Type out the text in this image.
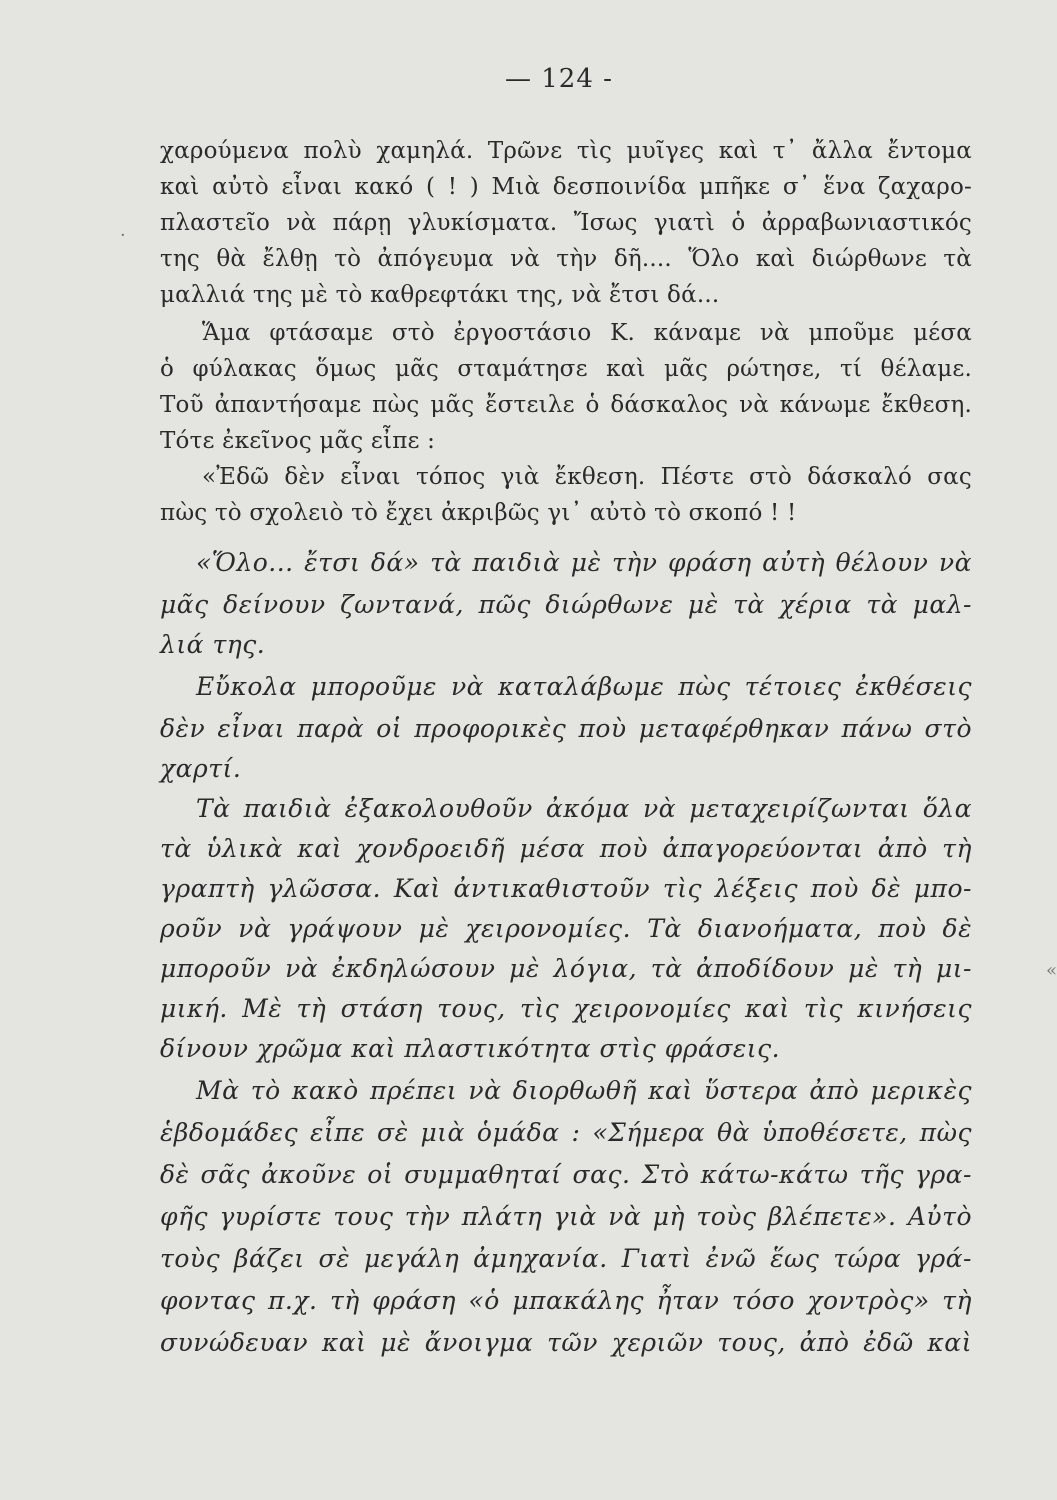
— 124 -
χαρούμενα πολὺ χαμηλά. Τρῶνε τὶς μυῖγες καὶ τ᾽ ἄλλα ἔντομα
καὶ αὐτὸ εἶναι κακό ( ! ) Μιὰ δεσποινίδα μπῆκε σ᾽ ἕνα ζαχαρο-
πλαστεῖο νὰ πάρῃ γλυκίσματα. Ἴσως γιατὶ ὁ ἀρραβωνιαστικός
της θὰ ἔλθῃ τὸ ἀπόγευμα νὰ τὴν δῆ.... Ὅλο καὶ διώρθωνε τὰ
μαλλιά της μὲ τὸ καθρεφτάκι της, νὰ ἔτσι δά...
Ἅμα φτάσαμε στὸ ἐργοστάσιο Κ. κάναμε νὰ μποῦμε μέσα
ὁ φύλακας ὅμως μᾶς σταμάτησε καὶ μᾶς ρώτησε, τί θέλαμε.
Τοῦ ἀπαντήσαμε πὼς μᾶς ἔστειλε ὁ δάσκαλος νὰ κάνωμε ἔκθεση.
Τότε ἐκεῖνος μᾶς εἶπε :
«Ἐδῶ δὲν εἶναι τόπος γιὰ ἔκθεση. Πέστε στὸ δάσκαλό σας
πὼς τὸ σχολειὸ τὸ ἔχει ἀκριβῶς γι᾽ αὐτὸ τὸ σκοπό ! !
«Ὅλο... ἔτσι δά» τὰ παιδιὰ μὲ τὴν φράση αὐτὴ θέλουν νὰ
μᾶς δείνουν ζωντανά, πῶς διώρθωνε μὲ τὰ χέρια τὰ μαλ-
λιά της.
Εὔκολα μποροῦμε νὰ καταλάβωμε πὼς τέτοιες ἐκθέσεις
δὲν εἶναι παρὰ οἱ προφορικὲς ποὺ μεταφέρθηκαν πάνω στὸ
χαρτί.
Τὰ παιδιὰ ἐξακολουθοῦν ἀκόμα νὰ μεταχειρίζωνται ὅλα
τὰ ὑλικὰ καὶ χονδροειδῆ μέσα ποὺ ἀπαγορεύονται ἀπὸ τὴ
γραπτὴ γλῶσσα. Καὶ ἀντικαθιστοῦν τὶς λέξεις ποὺ δὲ μπο-
ροῦν νὰ γράψουν μὲ χειρονομίες. Τὰ διανοήματα, ποὺ δὲ
μποροῦν νὰ ἐκδηλώσουν μὲ λόγια, τὰ ἀποδίδουν μὲ τὴ μι-
μική. Μὲ τὴ στάση τους, τὶς χειρονομίες καὶ τὶς κινήσεις
δίνουν χρῶμα καὶ πλαστικότητα στὶς φράσεις.
Μὰ τὸ κακὸ πρέπει νὰ διορθωθῆ καὶ ὕστερα ἀπὸ μερικὲς
ἑβδομάδες εἶπε σὲ μιὰ ὁμάδα : «Σήμερα θὰ ὑποθέσετε, πὼς
δὲ σᾶς ἀκοῦνε οἱ συμμαθηταί σας. Στὸ κάτω-κάτω τῆς γρα-
φῆς γυρίστε τους τὴν πλάτη γιὰ νὰ μὴ τοὺς βλέπετε». Αὐτὸ
τοὺς βάζει σὲ μεγάλη ἀμηχανία. Γιατὶ ἐνῶ ἕως τώρα γρά-
φοντας π.χ. τὴ φράση «ὁ μπακάλης ἦταν τόσο χοντρὸς» τὴ
συνώδευαν καὶ μὲ ἄνοιγμα τῶν χεριῶν τους, ἀπὸ ἐδῶ καὶ
·
«
